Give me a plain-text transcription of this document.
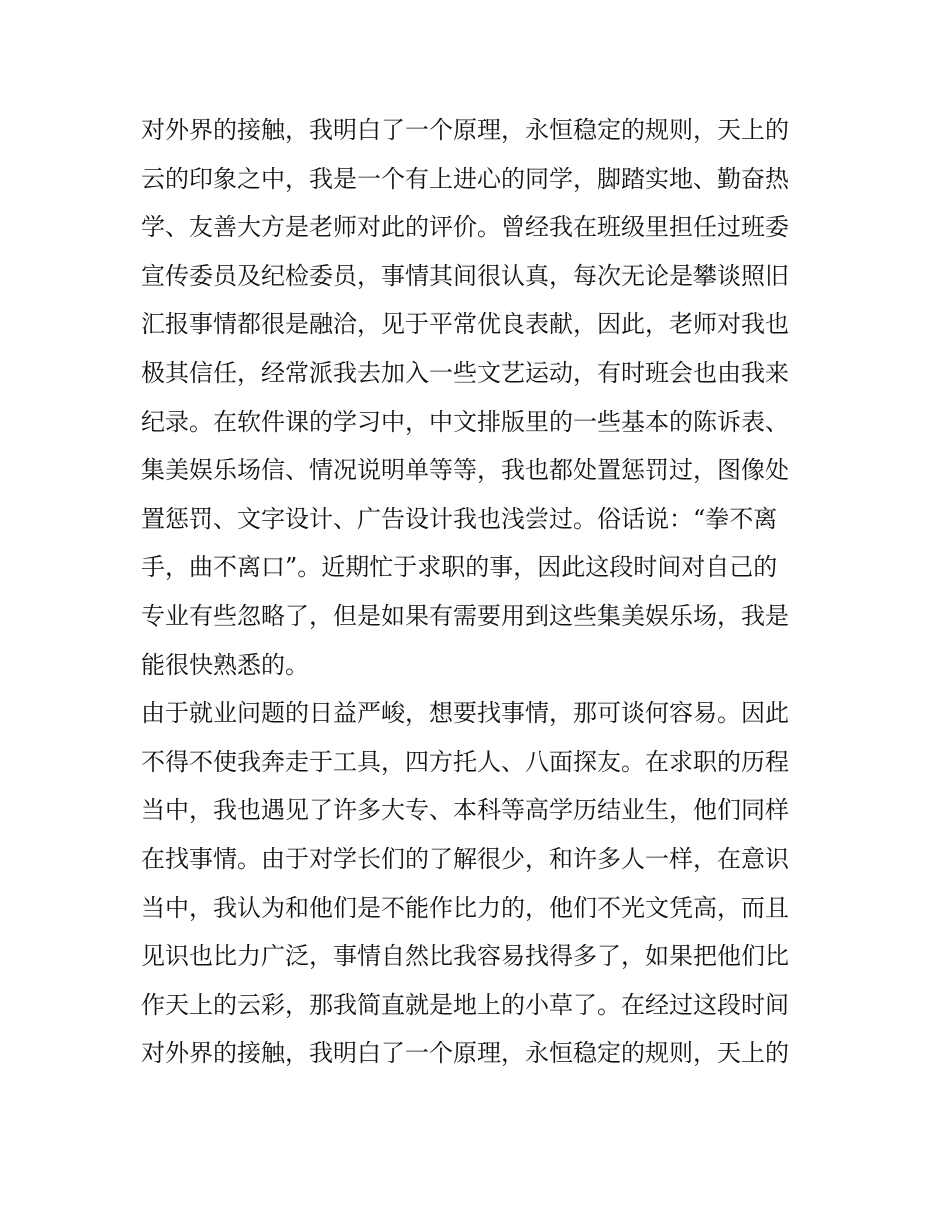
对外界的接触，我明白了一个原理，永恒稳定的规则，天上的
云的印象之中，我是一个有上进心的同学，脚踏实地、勤奋热
学、友善大方是老师对此的评价。曾经我在班级里担任过班委
宣传委员及纪检委员，事情其间很认真，每次无论是攀谈照旧
汇报事情都很是融洽，见于平常优良表献，因此，老师对我也
极其信任，经常派我去加入一些文艺运动，有时班会也由我来
纪录。在软件课的学习中，中文排版里的一些基本的陈诉表、
集美娱乐场信、情况说明单等等，我也都处置惩罚过，图像处
置惩罚、文字设计、广告设计我也浅尝过。俗话说：“拳不离
手，曲不离口”。近期忙于求职的事，因此这段时间对自己的
专业有些忽略了，但是如果有需要用到这些集美娱乐场，我是
能很快熟悉的。
由于就业问题的日益严峻，想要找事情，那可谈何容易。因此
不得不使我奔走于工具，四方托人、八面探友。在求职的历程
当中，我也遇见了许多大专、本科等高学历结业生，他们同样
在找事情。由于对学长们的了解很少，和许多人一样，在意识
当中，我认为和他们是不能作比力的，他们不光文凭高，而且
见识也比力广泛，事情自然比我容易找得多了，如果把他们比
作天上的云彩，那我简直就是地上的小草了。在经过这段时间
对外界的接触，我明白了一个原理，永恒稳定的规则，天上的
